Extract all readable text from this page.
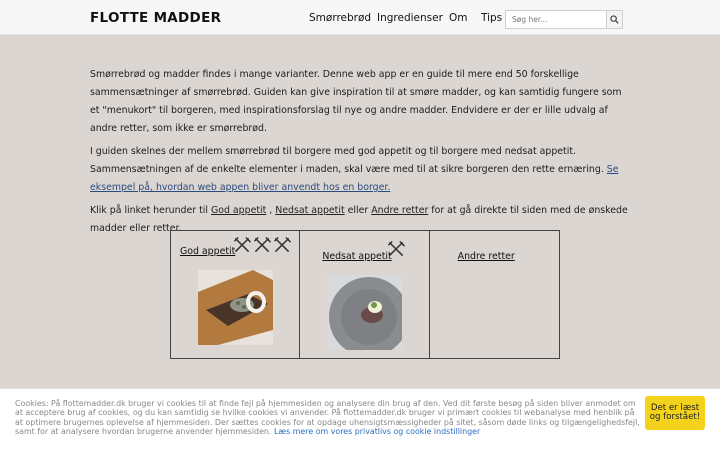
FLOTTE MADDER	Smørrebrød Ingredienser Om Tips
Søg her...

Smørrebrød og madder findes i mange varianter. Denne web app er en guide til mere end 50 forskellige sammensætninger af smørrebrød. Guiden kan give inspiration til at smøre madder, og kan samtidig fungere som et "menukort" til borgeren, med inspirationsforslag til nye og andre madder. Endvidere er der er lille udvalg af andre retter, som ikke er smørrebrød.

I guiden skelnes der mellem smørrebrød til borgere med god appetit og til borgere med nedsat appetit. Sammensætningen af de enkelte elementer i maden, skal være med til at sikre borgeren den rette ernæring. Se eksempel på, hvordan web appen bliver anvendt hos en borger.

Klik på linket herunder til God appetit , Nedsat appetit eller Andre retter for at gå direkte til siden med de ønskede madder eller retter.

God appetit	Nedsat appetit	Andre retter
Cookies: På flottemadder.dk bruger vi cookies til at finde fejl på hjemmesiden og analysere din brug af den. Ved dit første besøg på siden bliver anmodet om at acceptere brug af cookies, og du kan samtidig se hvilke cookies vi anvender. På flottemadder.dk bruger vi primært cookies til webanalyse med henblik på at optimere brugernes oplevelse af hjemmesiden. Der sættes cookies for at opdage uhensigtsmæssigheder på sitet, såsom døde links og tilgængelighedsfejl, samt for at analysere hvordan brugerne anvender hjemmesiden. Læs mere om vores privatlivs og cookie indstillinger
Det er læst og forstået!
